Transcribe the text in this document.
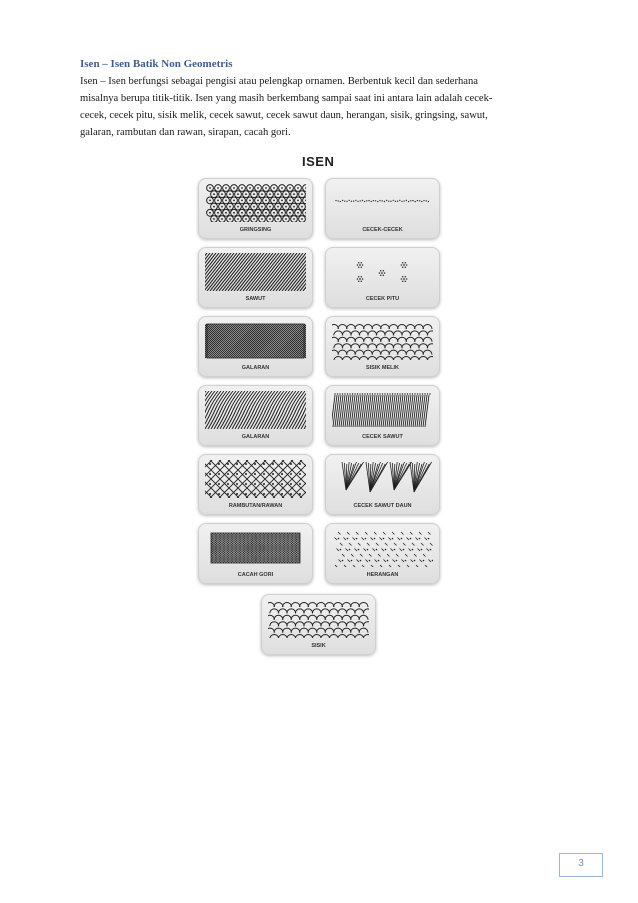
Isen – Isen Batik Non Geometris
Isen – Isen berfungsi sebagai pengisi atau pelengkap ornamen. Berbentuk kecil dan sederhana
misalnya berupa titik-titik. Isen yang masih berkembang sampai saat ini antara lain adalah cecek-
cecek, cecek pitu, sisik melik, cecek sawut, cecek sawut daun, herangan, sisik, gringsing, sawut,
galaran, rambutan dan rawan, sirapan, cacah gori.
ISEN
GRINGSING	CECEK-CECEK
SAWUT	CECEK PITU
GALARAN	SISIK MELIK
GALARAN	CECEK SAWUT
RAMBUTAN/RAWAN	CECEK SAWUT DAUN
CACAH GORI	HERANGAN
SISIK
3
